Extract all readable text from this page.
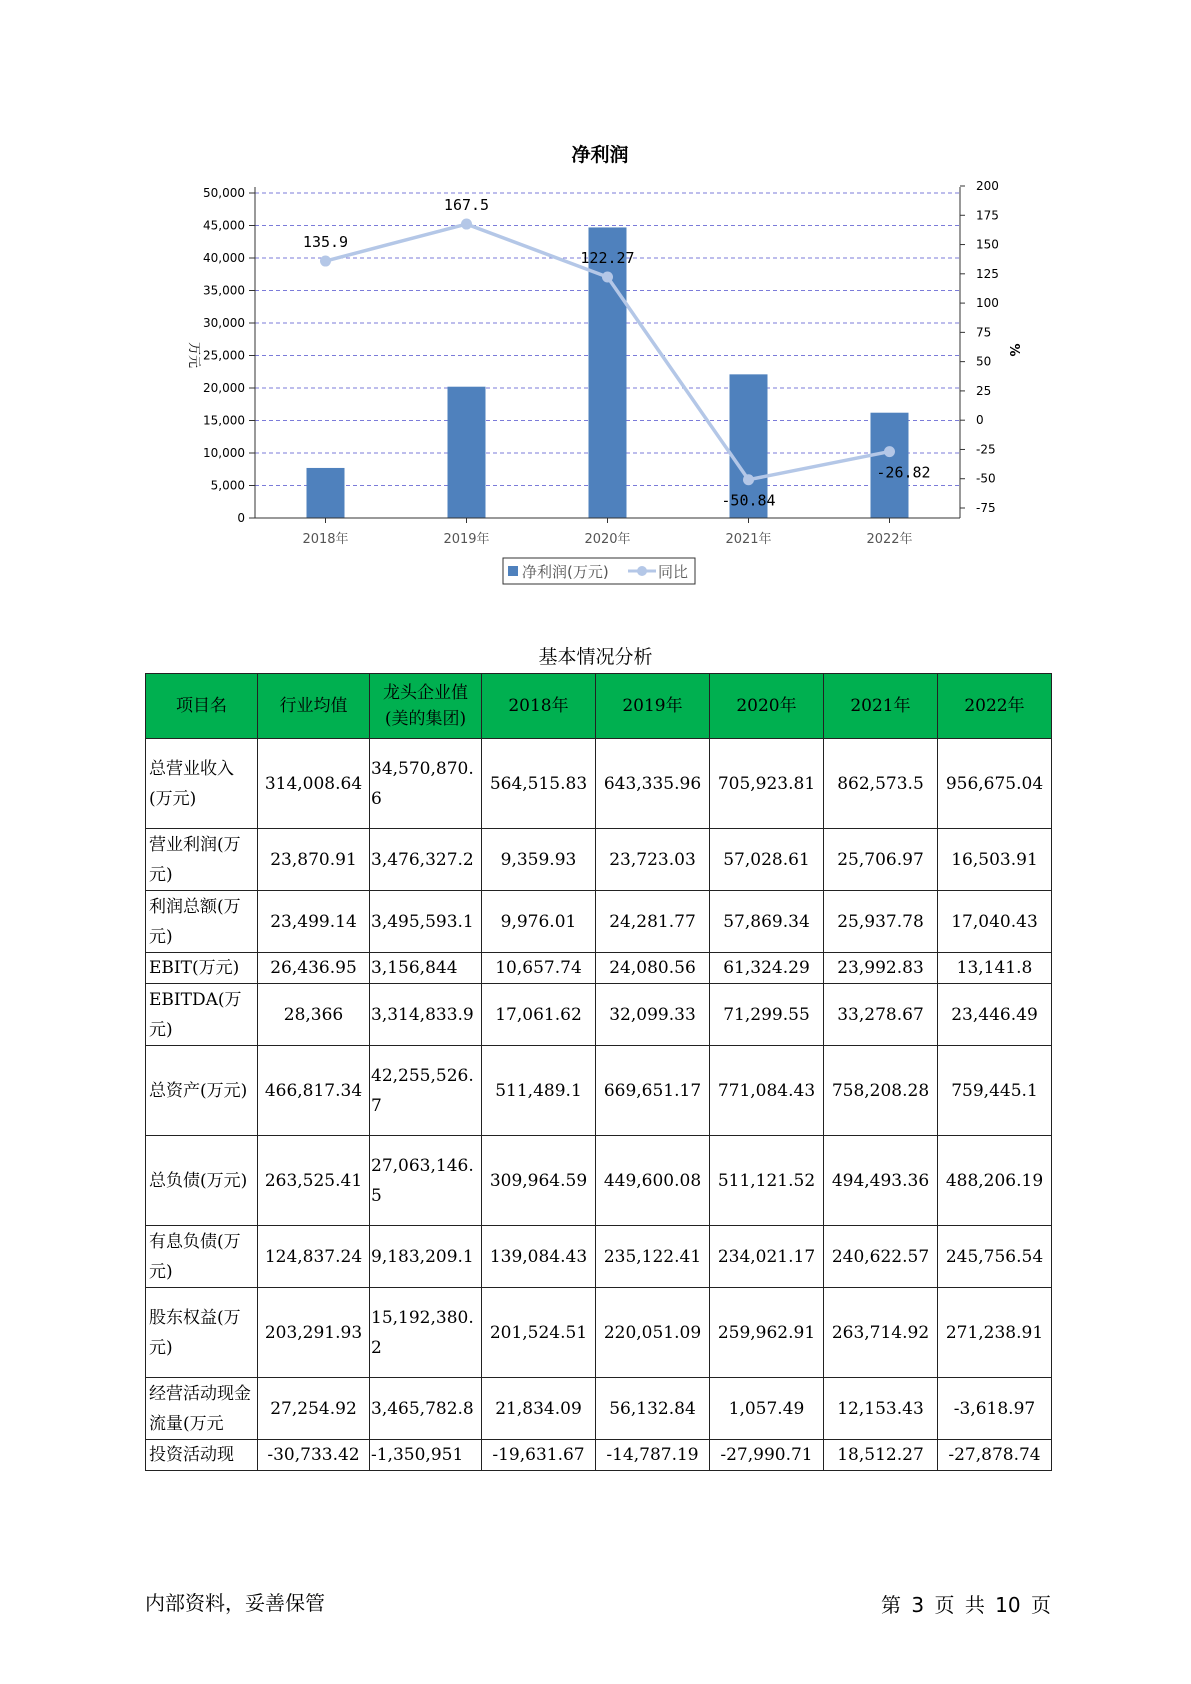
0
5,000
10,000
15,000
20,000
25,000
30,000
35,000
40,000
45,000
50,000
-75
-50
-25
0
25
50
75
100
125
150
175
200
万元	%
2018年	2019年	2020年	2021年	2022年
135.9
167.5
122.27
-50.84
-26.82
净利润
净利润(万元)	同比
基本情况分析
项目名	行业均值	龙头企业值(美的集团)	2018年	2019年	2020年	2021年	2022年
总营业收入(万元)	314,008.64	34,570,870.6	564,515.83	643,335.96	705,923.81	862,573.5	956,675.04
营业利润(万元)	23,870.91	3,476,327.2	9,359.93	23,723.03	57,028.61	25,706.97	16,503.91
利润总额(万元)	23,499.14	3,495,593.1	9,976.01	24,281.77	57,869.34	25,937.78	17,040.43
EBIT(万元)	26,436.95	3,156,844	10,657.74	24,080.56	61,324.29	23,992.83	13,141.8
EBITDA(万元)	28,366	3,314,833.9	17,061.62	32,099.33	71,299.55	33,278.67	23,446.49
总资产(万元)	466,817.34	42,255,526.7	511,489.1	669,651.17	771,084.43	758,208.28	759,445.1
总负债(万元)	263,525.41	27,063,146.5	309,964.59	449,600.08	511,121.52	494,493.36	488,206.19
有息负债(万元)	124,837.24	9,183,209.1	139,084.43	235,122.41	234,021.17	240,622.57	245,756.54
股东权益(万元)	203,291.93	15,192,380.2	201,524.51	220,051.09	259,962.91	263,714.92	271,238.91
经营活动现金流量(万元	27,254.92	3,465,782.8	21,834.09	56,132.84	1,057.49	12,153.43	-3,618.97
投资活动现	-30,733.42	-1,350,951	-19,631.67	-14,787.19	-27,990.71	18,512.27	-27,878.74
内部资料，妥善保管	第 3 页 共 10 页
